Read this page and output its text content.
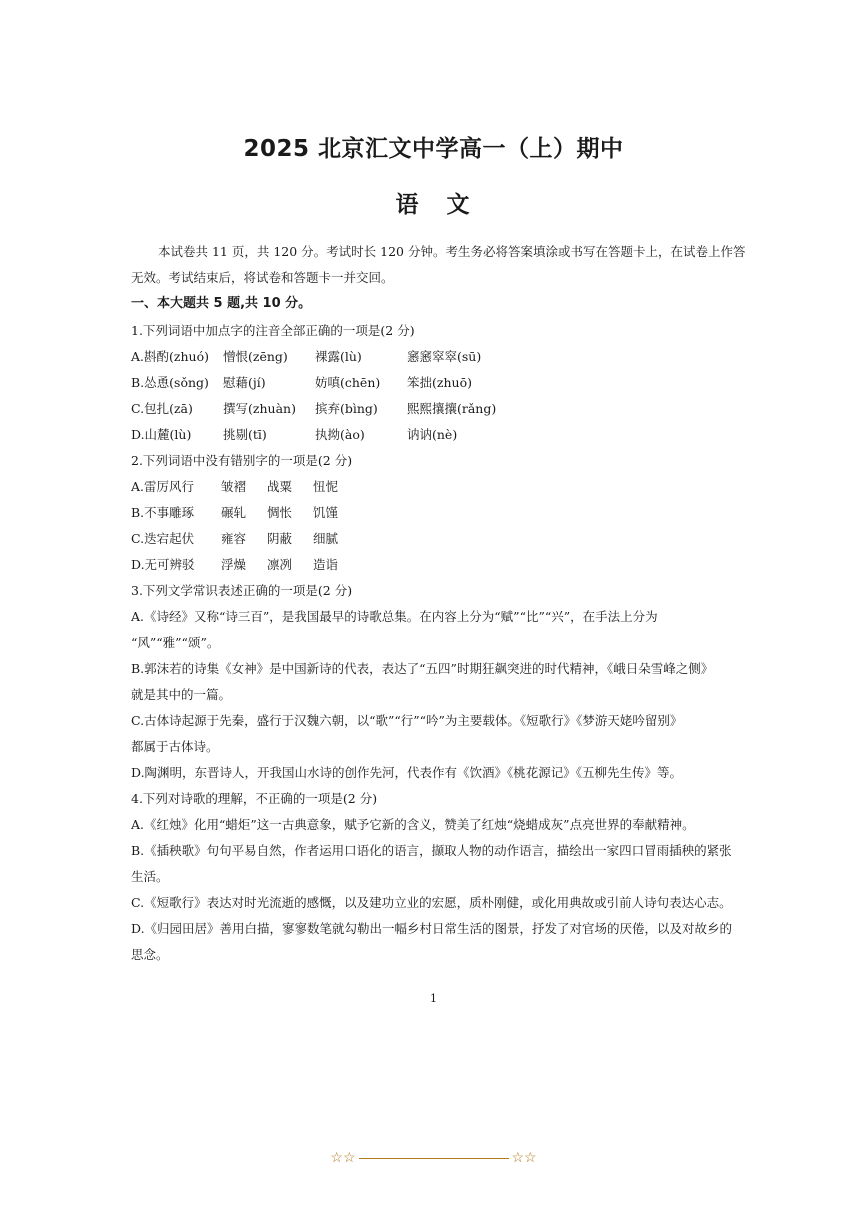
2025 北京汇文中学高一（上）期中
语 文
本试卷共 11 页，共 120 分。考试时长 120 分钟。考生务必将答案填涂或书写在答题卡上，在试卷上作答
无效。考试结束后，将试卷和答题卡一并交回。
一、本大题共 5 题,共 10 分。
1.下列词语中加点字的注音全部正确的一项是(2 分)
A.斟酌(zhuó) 憎恨(zēng) 裸露(lù)	窸窸窣窣(sū)
B.怂恿(sǒng) 慰藉(jí)	妨嗔(chēn) 笨拙(zhuō)
C.包扎(zā) 撰写(zhuàn) 摈弃(bìng) 熙熙攘攘(rǎng)
D.山麓(lù)	挑剔(tī)	执拗(ào)	讷讷(nè)
2.下列词语中没有错别字的一项是(2 分)
A.雷厉风行 皱褶 战粟 忸怩
B.不事雕琢 碾轧 惆怅 饥馑
C.迭宕起伏 雍容 阴蔽 细腻
D.无可辨驳 浮燥 凛冽 造诣
3.下列文学常识表述正确的一项是(2 分)
A.《诗经》又称“诗三百”，是我国最早的诗歌总集。在内容上分为“赋”“比”“兴”，在手法上分为
“风”“雅”“颂”。
B.郭沫若的诗集《女神》是中国新诗的代表，表达了“五四”时期狂飙突进的时代精神，《峨日朵雪峰之侧》
就是其中的一篇。
C.古体诗起源于先秦，盛行于汉魏六朝，以“歌”“行”“吟”为主要载体。《短歌行》《梦游天姥吟留别》
都属于古体诗。
D.陶渊明，东晋诗人，开我国山水诗的创作先河，代表作有《饮酒》《桃花源记》《五柳先生传》等。
4.下列对诗歌的理解，不正确的一项是(2 分)
A.《红烛》化用“蜡炬”这一古典意象，赋予它新的含义，赞美了红烛“烧蜡成灰”点亮世界的奉献精神。
B.《插秧歌》句句平易自然，作者运用口语化的语言，撷取人物的动作语言，描绘出一家四口冒雨插秧的紧张
生活。
C.《短歌行》表达对时光流逝的感慨，以及建功立业的宏愿，质朴刚健，或化用典故或引前人诗句表达心志。
D.《归园田居》善用白描，寥寥数笔就勾勒出一幅乡村日常生活的图景，抒发了对官场的厌倦，以及对故乡的
思念。
1
☆☆	☆☆
